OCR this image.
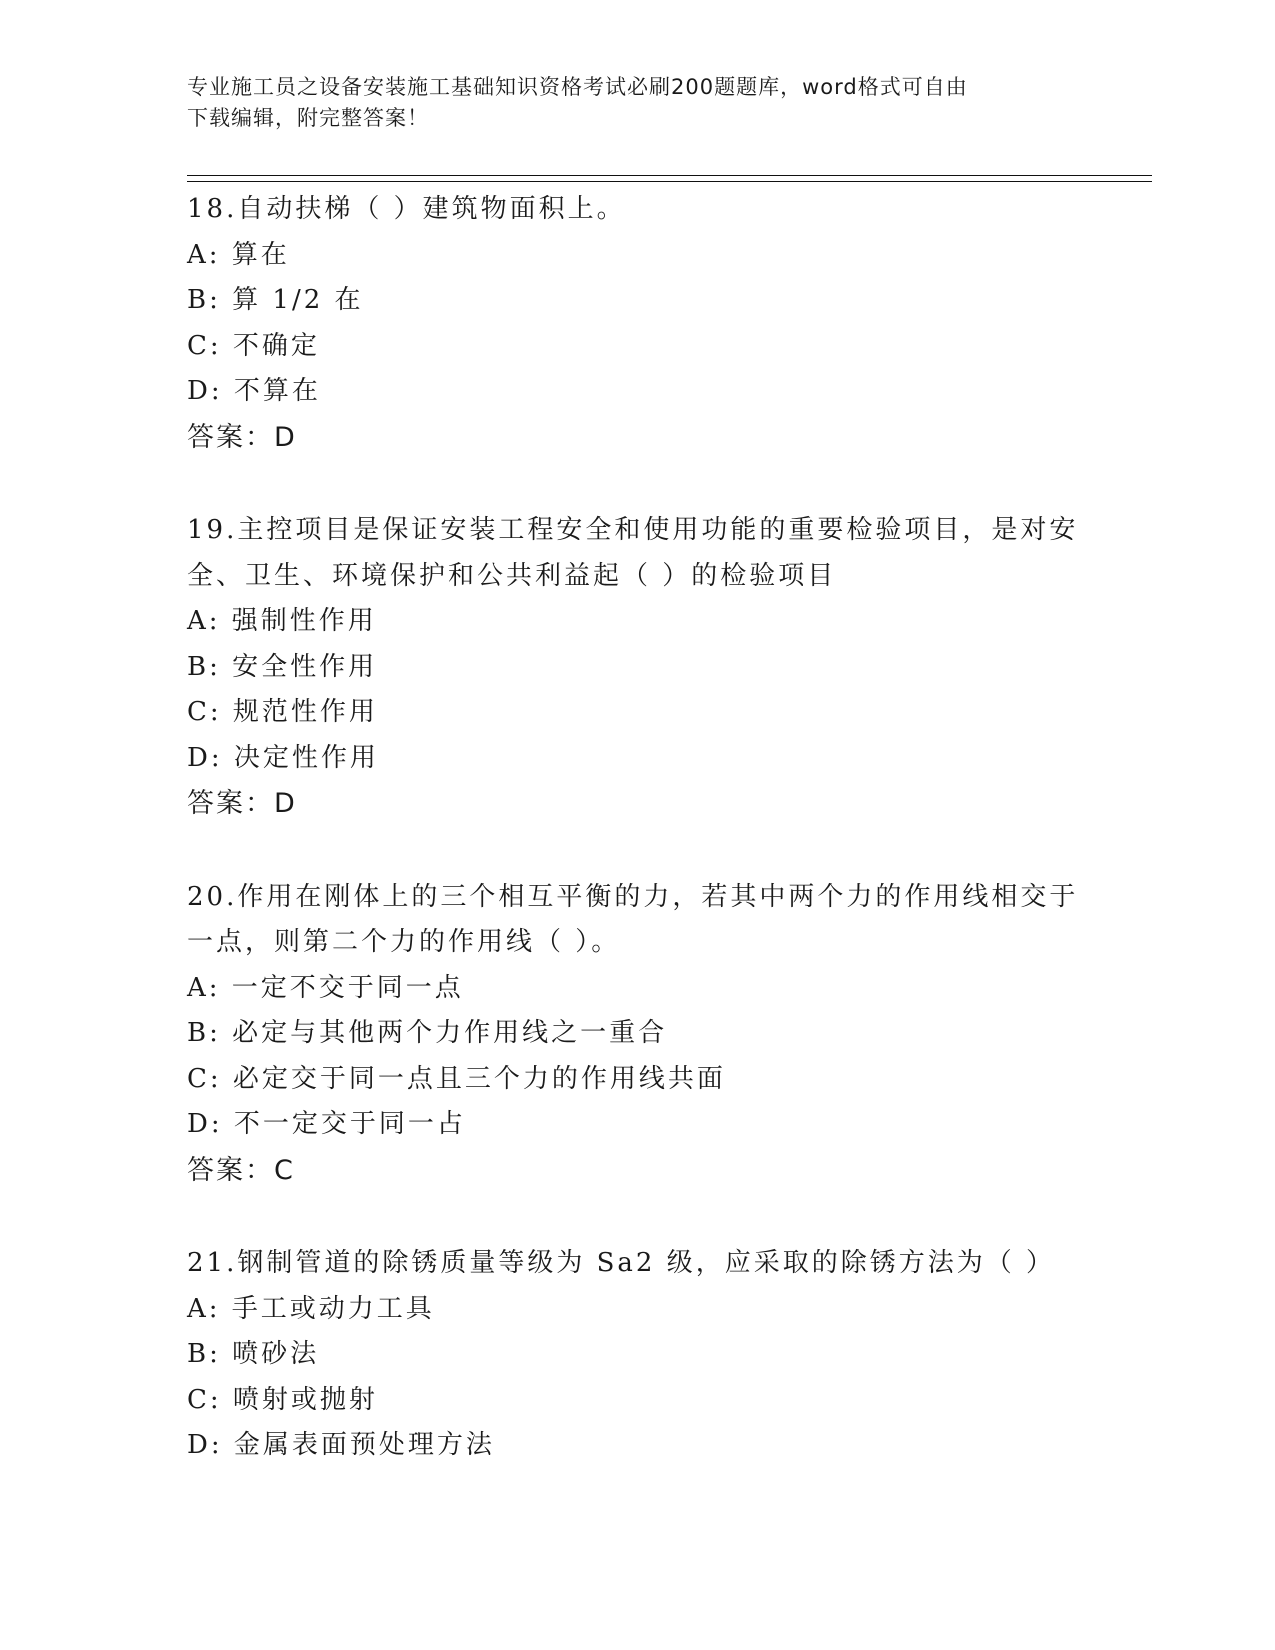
专业施工员之设备安装施工基础知识资格考试必刷200题题库，word格式可自由
下载编辑，附完整答案！
18.自动扶梯（ ）建筑物面积上。
A: 算在
B: 算 1/2 在
C: 不确定
D: 不算在
答案：D
19.主控项目是保证安装工程安全和使用功能的重要检验项目，是对安
全、卫生、环境保护和公共利益起（ ）的检验项目
A: 强制性作用
B: 安全性作用
C: 规范性作用
D: 决定性作用
答案：D
20.作用在刚体上的三个相互平衡的力，若其中两个力的作用线相交于
一点，则第二个力的作用线（ ）。
A: 一定不交于同一点
B: 必定与其他两个力作用线之一重合
C: 必定交于同一点且三个力的作用线共面
D: 不一定交于同一占
答案：C
21.钢制管道的除锈质量等级为 Sa2 级，应采取的除锈方法为（ ）
A: 手工或动力工具
B: 喷砂法
C: 喷射或抛射
D: 金属表面预处理方法
